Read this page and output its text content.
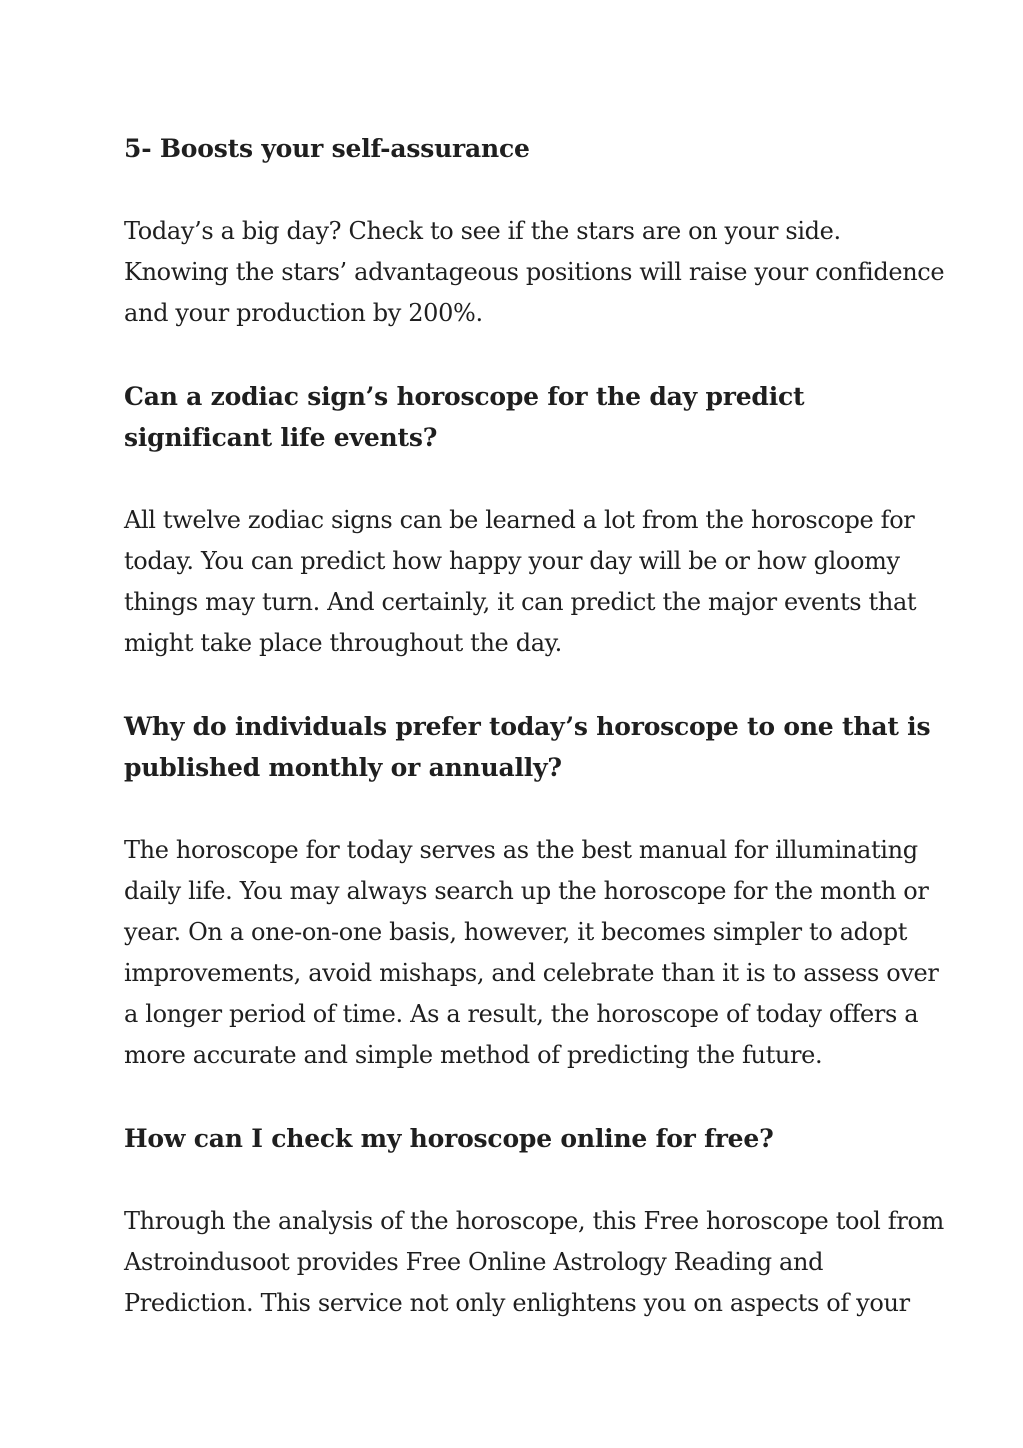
5- Boosts your self-assurance
Today’s a big day? Check to see if the stars are on your side.
Knowing the stars’ advantageous positions will raise your confidence
and your production by 200%.
Can a zodiac sign’s horoscope for the day predict
significant life events?
All twelve zodiac signs can be learned a lot from the horoscope for
today. You can predict how happy your day will be or how gloomy
things may turn. And certainly, it can predict the major events that
might take place throughout the day.
Why do individuals prefer today’s horoscope to one that is
published monthly or annually?
The horoscope for today serves as the best manual for illuminating
daily life. You may always search up the horoscope for the month or
year. On a one-on-one basis, however, it becomes simpler to adopt
improvements, avoid mishaps, and celebrate than it is to assess over
a longer period of time. As a result, the horoscope of today offers a
more accurate and simple method of predicting the future.
How can I check my horoscope online for free?
Through the analysis of the horoscope, this Free horoscope tool from
Astroindusoot provides Free Online Astrology Reading and
Prediction. This service not only enlightens you on aspects of your
